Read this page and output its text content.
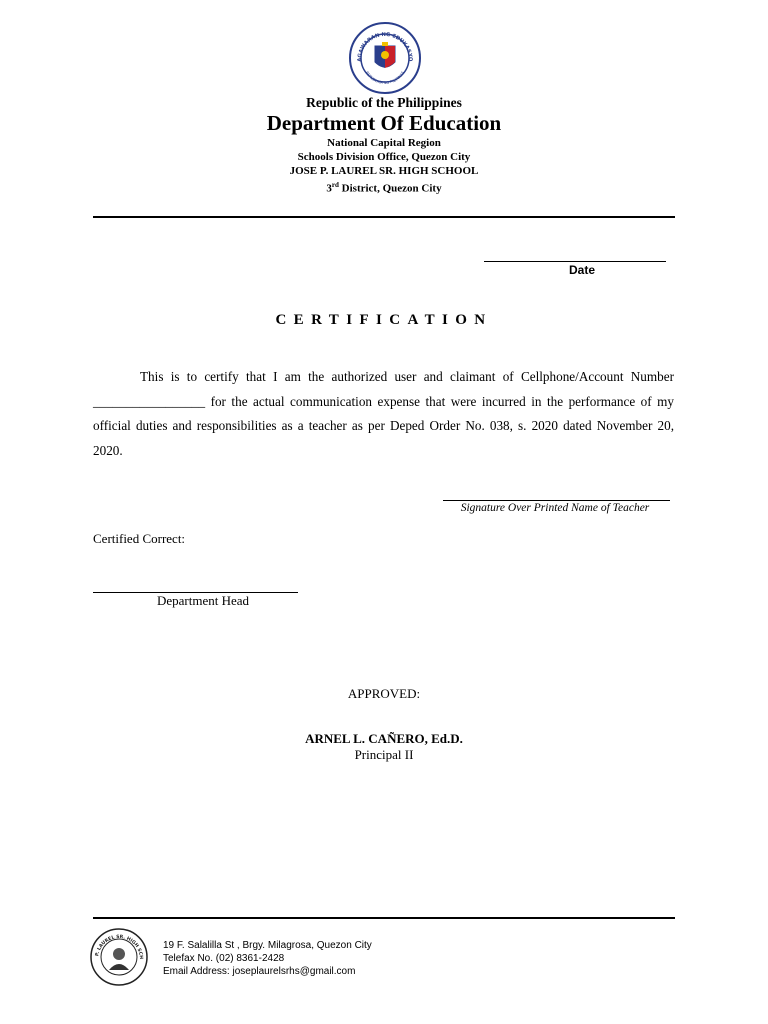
AGAWARAN NG EDUKASYO
REPUBLIKA NG PILIPINAS
Republic of the Philippines
Department Of Education
National Capital Region
Schools Division Office, Quezon City
JOSE P. LAUREL SR. HIGH SCHOOL
3rd District, Quezon City
Date
CERTIFICATION
This is to certify that I am the authorized user and claimant of Cellphone/Account Number _________________ for the actual communication expense that were incurred in the performance of my official duties and responsibilities as a teacher as per Deped Order No. 038, s. 2020 dated November 20, 2020.
Signature Over Printed Name of Teacher
Certified Correct:
Department Head
APPROVED:
ARNEL L. CAÑERO, Ed.D.
Principal II
P. LAUREL SR. HIGH SCH
19 F. Salalilla St , Brgy. Milagrosa, Quezon City
Telefax No. (02) 8361-2428
Email Address: joseplaurelsrhs@gmail.com
